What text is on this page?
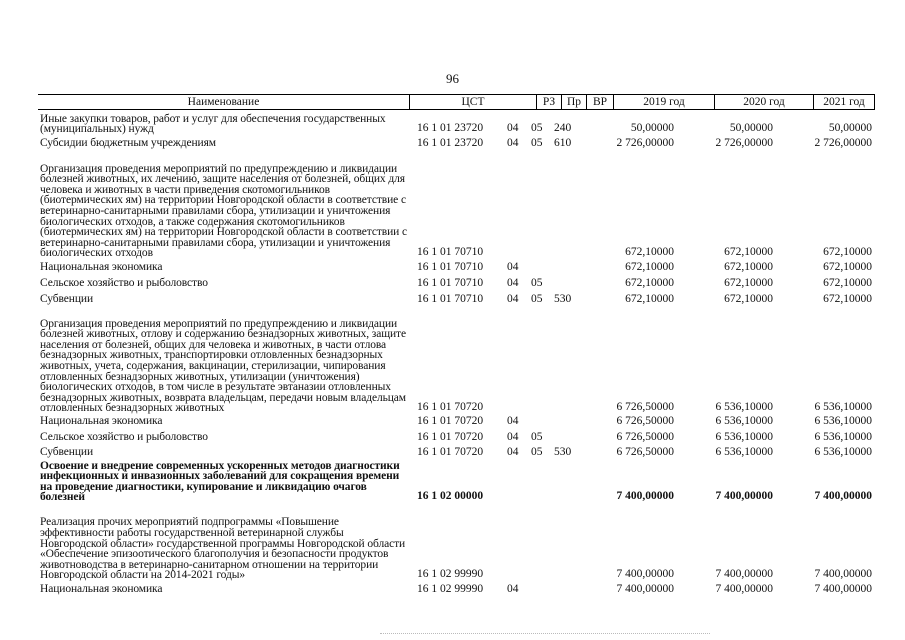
96
Наименование	ЦСТ	РЗ	Пр	ВР	2019 год	2020 год	2021 год
Иные закупки товаров, работ и услуг для обеспечения государственных (муниципальных) нужд	16 1 01 23720 04 05 240	50,00000	50,00000	50,00000
Субсидии бюджетным учреждениям	16 1 01 23720 04 05 610	2 726,00000	2 726,00000	2 726,00000
Организация проведения мероприятий по предупреждению и ликвидации болезней животных, их лечению, защите населения от болезней, общих для человека и животных в части приведения скотомогильников (биотермических ям) на территории Новгородской области в соответствие с ветеринарно-санитарными правилами сбора, утилизации и уничтожения биологических отходов, а также содержания скотомогильников (биотермических ям) на территории Новгородской области в соответствии с ветеринарно-санитарными правилами сбора, утилизации и уничтожения биологических отходов	16 1 01 70710	672,10000	672,10000	672,10000
Национальная экономика	16 1 01 70710 04	672,10000	672,10000	672,10000
Сельское хозяйство и рыболовство	16 1 01 70710 04 05	672,10000	672,10000	672,10000
Субвенции	16 1 01 70710 04 05 530	672,10000	672,10000	672,10000
Организация проведения мероприятий по предупреждению и ликвидации болезней животных, отлову и содержанию безнадзорных животных, защите населения от болезней, общих для человека и животных, в части отлова безнадзорных животных, транспортировки отловленных безнадзорных животных, учета, содержания, вакцинации, стерилизации, чипирования отловленных безнадзорных животных, утилизации (уничтожения) биологических отходов, в том числе в результате эвтаназии отловленных безнадзорных животных, возврата владельцам, передачи новым владельцам отловленных безнадзорных животных	16 1 01 70720	6 726,50000	6 536,10000	6 536,10000
Национальная экономика	16 1 01 70720 04	6 726,50000	6 536,10000	6 536,10000
Сельское хозяйство и рыболовство	16 1 01 70720 04 05	6 726,50000	6 536,10000	6 536,10000
Субвенции	16 1 01 70720 04 05 530	6 726,50000	6 536,10000	6 536,10000
Освоение и внедрение современных ускоренных методов диагностики инфекционных и инвазионных заболеваний для сокращения времени на проведение диагностики, купирование и ликвидацию очагов болезней	16 1 02 00000	7 400,00000	7 400,00000	7 400,00000
Реализация прочих мероприятий подпрограммы «Повышение эффективности работы государственной ветеринарной службы Новгородской области» государственной программы Новгородской области «Обеспечение эпизоотического благополучия и безопасности продуктов животноводства в ветеринарно-санитарном отношении на территории Новгородской области на 2014-2021 годы»	16 1 02 99990	7 400,00000	7 400,00000	7 400,00000
Национальная экономика	16 1 02 99990 04	7 400,00000	7 400,00000	7 400,00000
